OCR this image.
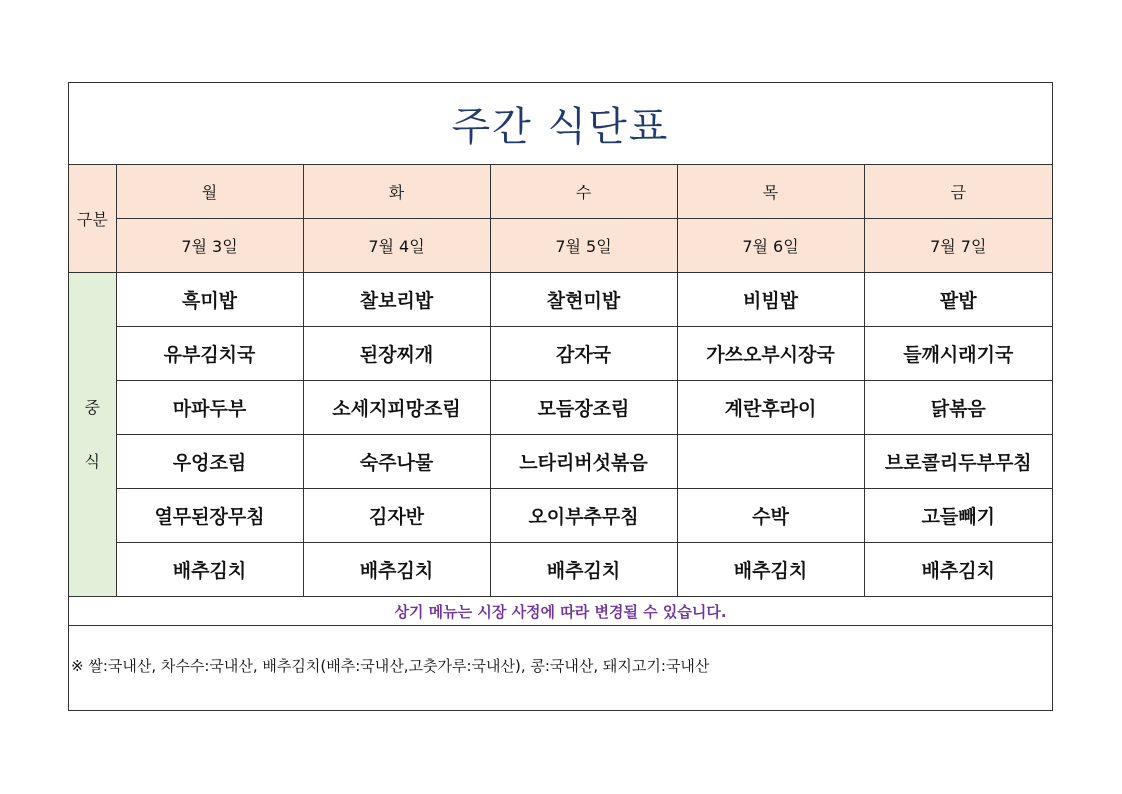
주간 식단표
구분	월	화	수	목	금
	7월 3일	7월 4일	7월 5일	7월 6일	7월 7일

중
식	흑미밥	찰보리밥	찰현미밥	비빔밥	팥밥
	유부김치국	된장찌개	감자국	가쓰오부시장국	들깨시래기국
	마파두부	소세지피망조림	모듬장조림	계란후라이	닭볶음
	우엉조림	숙주나물	느타리버섯볶음		브로콜리두부무침
	열무된장무침	김자반	오이부추무침	수박	고들빼기
	배추김치	배추김치	배추김치	배추김치	배추김치
상기 메뉴는 시장 사정에 따라 변경될 수 있습니다.					
※ 쌀:국내산, 차수수:국내산, 배추김치(배추:국내산,고춧가루:국내산), 콩:국내산, 돼지고기:국내산
